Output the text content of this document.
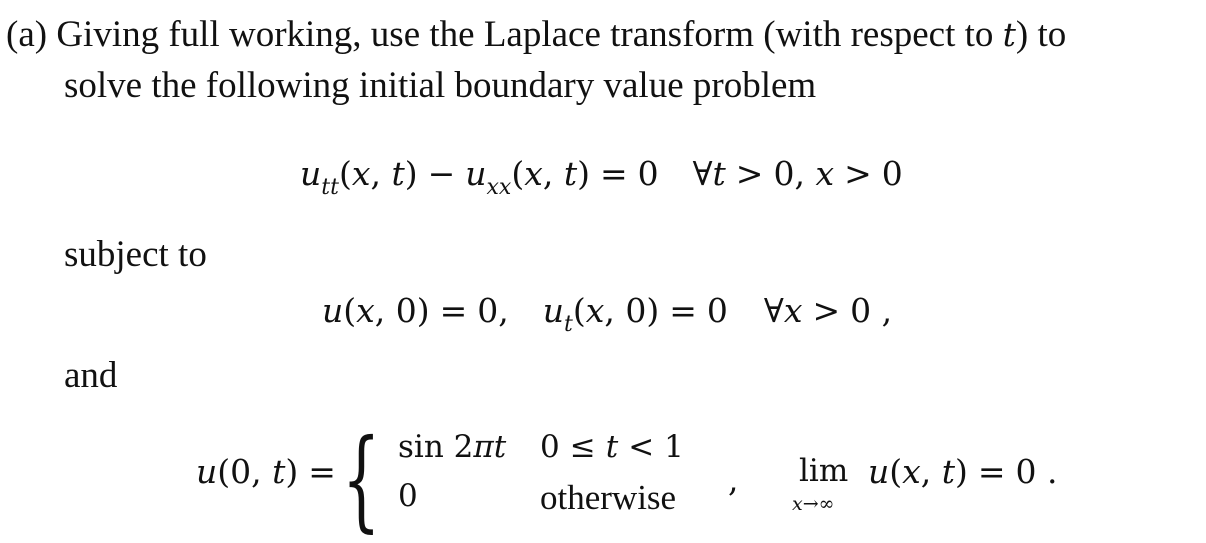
(a) Giving full working, use the Laplace transform (with respect to t) to
solve the following initial boundary value problem
$u_{tt}(x$, $t) - u_{xx}(x$, t) = 0 ∀t > 0, x > 0
subject to
u(x, 0) = 0, $u_t(x$, 0) = 0 ∀x > 0 ,
and
u(0, t) = { sin 2πt 0 ≤ t < 1
0	otherwise , lim
x→∞
u(x, t) = 0 .
